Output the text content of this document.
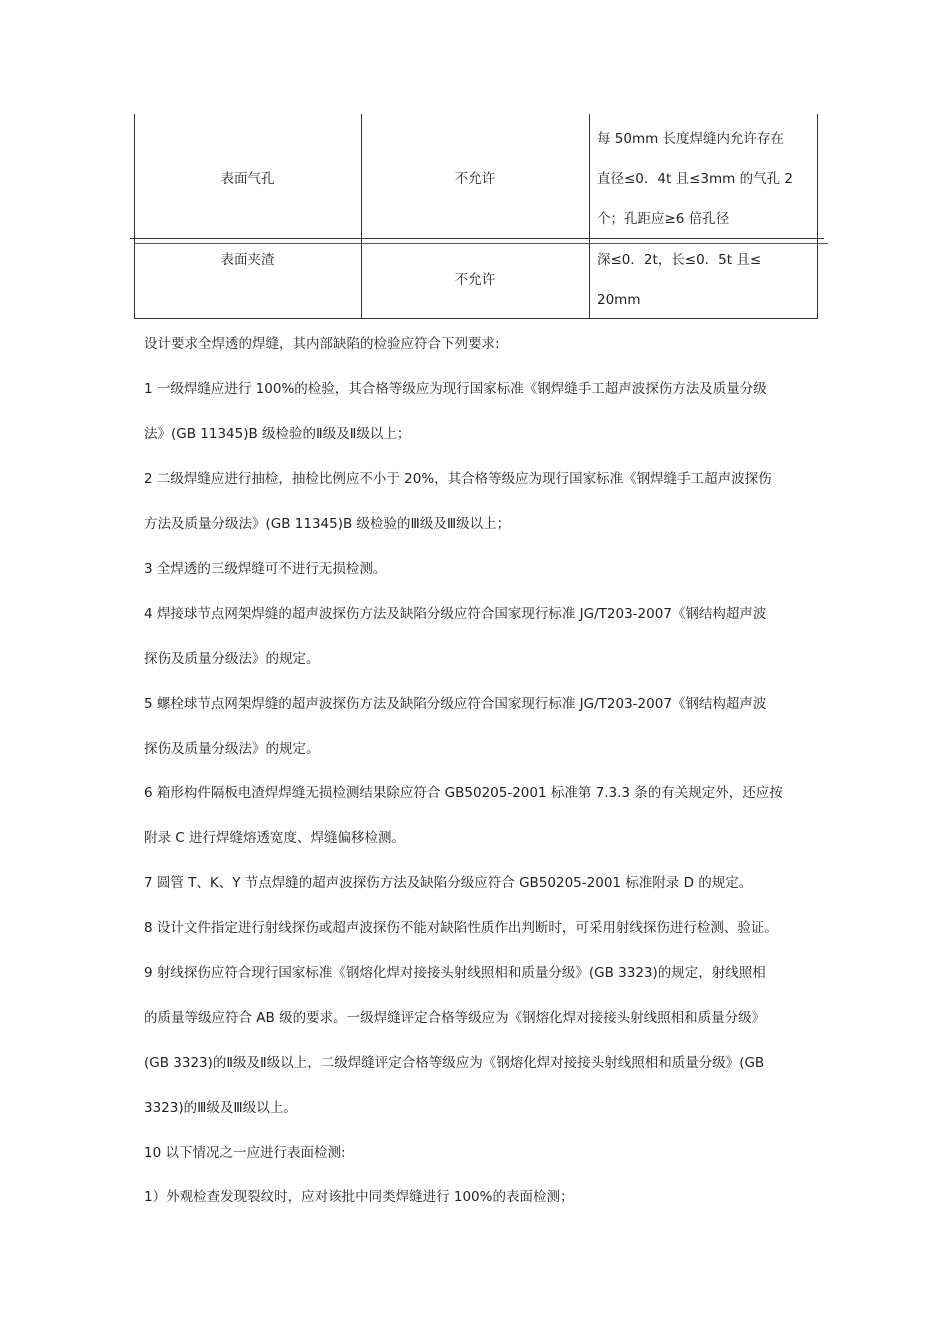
表面气孔	不允许
每 50mm 长度焊缝内允许存在
直径≤0．4t 且≤3mm 的气孔 2
个；孔距应≥6 倍孔径
表面夹渣
不允许
深≤0．2t，长≤0．5t 且≤
20mm
设计要求全焊透的焊缝，其内部缺陷的检验应符合下列要求:
1 一级焊缝应进行 100%的检验，其合格等级应为现行国家标准《钢焊缝手工超声波探伤方法及质量分级
法》(GB 11345)B 级检验的Ⅱ级及Ⅱ级以上；
2 二级焊缝应进行抽检，抽检比例应不小于 20%，其合格等级应为现行国家标准《钢焊缝手工超声波探伤
方法及质量分级法》(GB 11345)B 级检验的Ⅲ级及Ⅲ级以上；
3 全焊透的三级焊缝可不进行无损检测。
4 焊接球节点网架焊缝的超声波探伤方法及缺陷分级应符合国家现行标准 JG/T203-2007《钢结构超声波
探伤及质量分级法》的规定。
5 螺栓球节点网架焊缝的超声波探伤方法及缺陷分级应符合国家现行标准 JG/T203-2007《钢结构超声波
探伤及质量分级法》的规定。
6 箱形构件隔板电渣焊焊缝无损检测结果除应符合 GB50205-2001 标准第 7.3.3 条的有关规定外，还应按
附录 C 进行焊缝熔透宽度、焊缝偏移检测。
7 圆管 T、K、Y 节点焊缝的超声波探伤方法及缺陷分级应符合 GB50205-2001 标准附录 D 的规定。
8 设计文件指定进行射线探伤或超声波探伤不能对缺陷性质作出判断时，可采用射线探伤进行检测、验证。
9 射线探伤应符合现行国家标准《钢熔化焊对接接头射线照相和质量分级》(GB 3323)的规定，射线照相
的质量等级应符合 AB 级的要求。一级焊缝评定合格等级应为《钢熔化焊对接接头射线照相和质量分级》
(GB 3323)的Ⅱ级及Ⅱ级以上，二级焊缝评定合格等级应为《钢熔化焊对接接头射线照相和质量分级》(GB
3323)的Ⅲ级及Ⅲ级以上。
10 以下情况之一应进行表面检测:
1）外观检查发现裂纹时，应对该批中同类焊缝进行 100%的表面检测；
